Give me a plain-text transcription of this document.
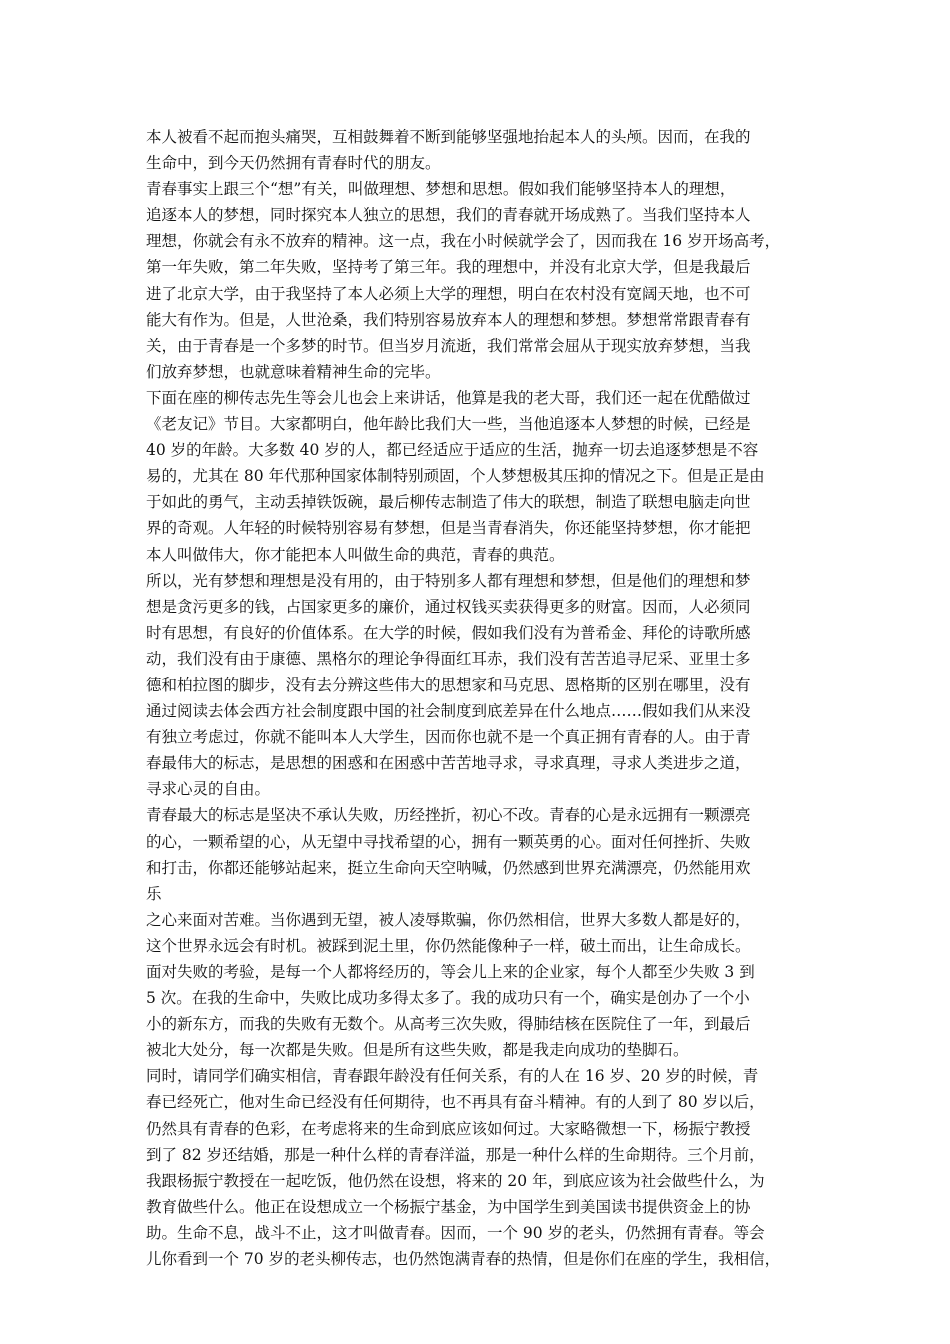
本人被看不起而抱头痛哭，互相鼓舞着不断到能够坚强地抬起本人的头颅。因而，在我的
生命中，到今天仍然拥有青春时代的朋友。
青春事实上跟三个“想”有关，叫做理想、梦想和思想。假如我们能够坚持本人的理想，
追逐本人的梦想，同时探究本人独立的思想，我们的青春就开场成熟了。当我们坚持本人
理想，你就会有永不放弃的精神。这一点，我在小时候就学会了，因而我在 16 岁开场高考，
第一年失败，第二年失败，坚持考了第三年。我的理想中，并没有北京大学，但是我最后
进了北京大学，由于我坚持了本人必须上大学的理想，明白在农村没有宽阔天地，也不可
能大有作为。但是，人世沧桑，我们特别容易放弃本人的理想和梦想。梦想常常跟青春有
关，由于青春是一个多梦的时节。但当岁月流逝，我们常常会屈从于现实放弃梦想，当我
们放弃梦想，也就意味着精神生命的完毕。
下面在座的柳传志先生等会儿也会上来讲话，他算是我的老大哥，我们还一起在优酷做过
《老友记》节目。大家都明白，他年龄比我们大一些，当他追逐本人梦想的时候，已经是
40 岁的年龄。大多数 40 岁的人，都已经适应于适应的生活，抛弃一切去追逐梦想是不容
易的，尤其在 80 年代那种国家体制特别顽固，个人梦想极其压抑的情况之下。但是正是由
于如此的勇气，主动丢掉铁饭碗，最后柳传志制造了伟大的联想，制造了联想电脑走向世
界的奇观。人年轻的时候特别容易有梦想，但是当青春消失，你还能坚持梦想，你才能把
本人叫做伟大，你才能把本人叫做生命的典范，青春的典范。
所以，光有梦想和理想是没有用的，由于特别多人都有理想和梦想，但是他们的理想和梦
想是贪污更多的钱，占国家更多的廉价，通过权钱买卖获得更多的财富。因而，人必须同
时有思想，有良好的价值体系。在大学的时候，假如我们没有为普希金、拜伦的诗歌所感
动，我们没有由于康德、黑格尔的理论争得面红耳赤，我们没有苦苦追寻尼采、亚里士多
德和柏拉图的脚步，没有去分辨这些伟大的思想家和马克思、恩格斯的区别在哪里，没有
通过阅读去体会西方社会制度跟中国的社会制度到底差异在什么地点……假如我们从来没
有独立考虑过，你就不能叫本人大学生，因而你也就不是一个真正拥有青春的人。由于青
春最伟大的标志，是思想的困惑和在困惑中苦苦地寻求，寻求真理，寻求人类进步之道，
寻求心灵的自由。
青春最大的标志是坚决不承认失败，历经挫折，初心不改。青春的心是永远拥有一颗漂亮
的心，一颗希望的心，从无望中寻找希望的心，拥有一颗英勇的心。面对任何挫折、失败
和打击，你都还能够站起来，挺立生命向天空呐喊，仍然感到世界充满漂亮，仍然能用欢
乐
之心来面对苦难。当你遇到无望，被人凌辱欺骗，你仍然相信，世界大多数人都是好的，
这个世界永远会有时机。被踩到泥土里，你仍然能像种子一样，破土而出，让生命成长。
面对失败的考验，是每一个人都将经历的，等会儿上来的企业家，每个人都至少失败 3 到
5 次。在我的生命中，失败比成功多得太多了。我的成功只有一个，确实是创办了一个小
小的新东方，而我的失败有无数个。从高考三次失败，得肺结核在医院住了一年，到最后
被北大处分，每一次都是失败。但是所有这些失败，都是我走向成功的垫脚石。
同时，请同学们确实相信，青春跟年龄没有任何关系，有的人在 16 岁、20 岁的时候，青
春已经死亡，他对生命已经没有任何期待，也不再具有奋斗精神。有的人到了 80 岁以后，
仍然具有青春的色彩，在考虑将来的生命到底应该如何过。大家略微想一下，杨振宁教授
到了 82 岁还结婚，那是一种什么样的青春洋溢，那是一种什么样的生命期待。三个月前，
我跟杨振宁教授在一起吃饭，他仍然在设想，将来的 20 年，到底应该为社会做些什么，为
教育做些什么。他正在设想成立一个杨振宁基金，为中国学生到美国读书提供资金上的协
助。生命不息，战斗不止，这才叫做青春。因而，一个 90 岁的老头，仍然拥有青春。等会
儿你看到一个 70 岁的老头柳传志，也仍然饱满青春的热情，但是你们在座的学生，我相信，
